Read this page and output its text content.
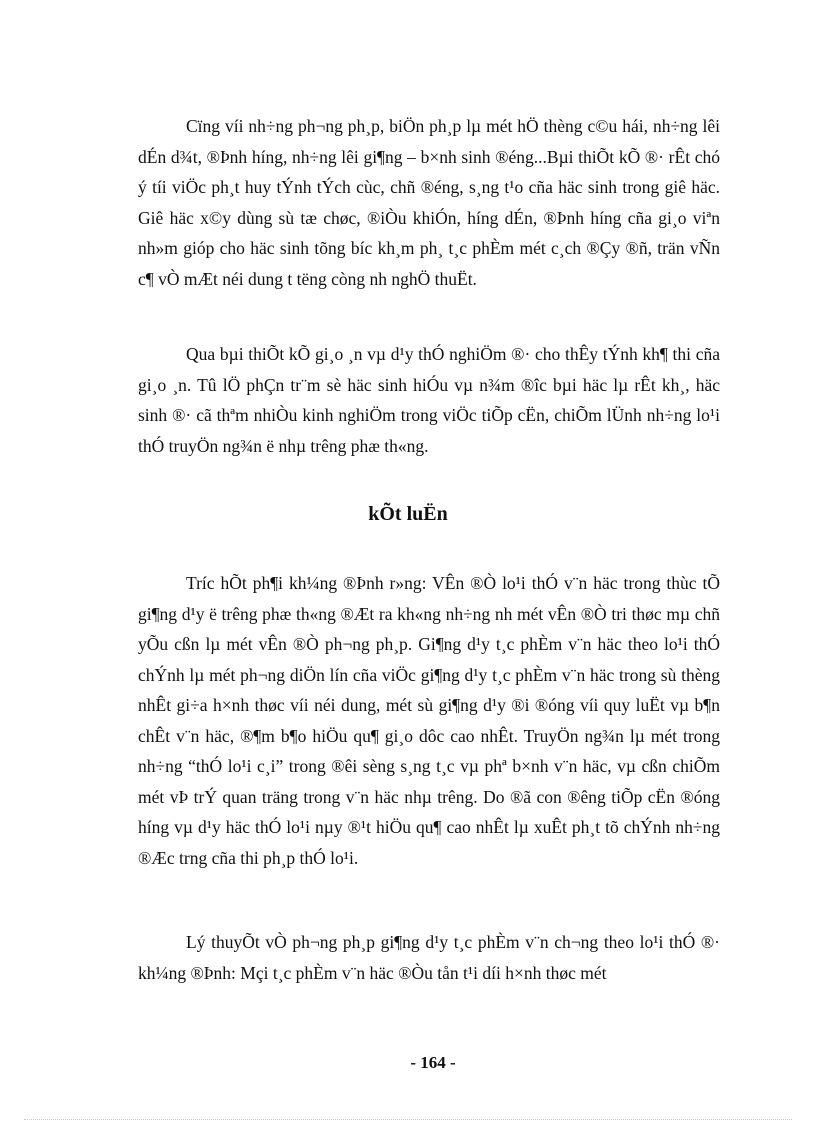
Cïng víi nh÷ng ph¬ng ph¸p, biÖn ph¸p lµ mét hÖ thèng c©u hái, nh÷ng lêi dÉn d¾t, ®Þnh híng, nh÷ng lêi gi¶ng – b×nh sinh ®éng...Bµi thiÕt kÕ ®· rÊt chó ý tíi viÖc ph¸t huy tÝnh tÝch cùc, chñ ®éng, s¸ng t¹o cña häc sinh trong giê häc. Giê häc x©y dùng sù tæ chøc, ®iÒu khiÓn, híng dÉn, ®Þnh híng cña gi¸o viªn nh»m gióp cho häc sinh tõng bíc kh¸m ph¸ t¸c phÈm mét c¸ch ®Çy ®ñ, trän vÑn c¶ vÒ mÆt néi dung t tëng còng nh nghÖ thuËt.

Qua bµi thiÕt kÕ gi¸o ¸n vµ d¹y thÓ nghiÖm ®· cho thÊy tÝnh kh¶ thi cña gi¸o ¸n. Tû lÖ phÇn tr¨m sè häc sinh hiÓu vµ n¾m ®îc bµi häc lµ rÊt kh¸, häc sinh ®· cã thªm nhiÒu kinh nghiÖm trong viÖc tiÕp cËn, chiÕm lÜnh nh÷ng lo¹i thÓ truyÖn ng¾n ë nhµ trêng phæ th«ng.

kÕt luËn

Tríc hÕt ph¶i kh¼ng ®Þnh r»ng: VÊn ®Ò lo¹i thÓ v¨n häc trong thùc tÕ gi¶ng d¹y ë trêng phæ th«ng ®Æt ra kh«ng nh÷ng nh mét vÊn ®Ò tri thøc mµ chñ yÕu cßn lµ mét vÊn ®Ò ph¬ng ph¸p. Gi¶ng d¹y t¸c phÈm v¨n häc theo lo¹i thÓ chÝnh lµ mét ph¬ng diÖn lín cña viÖc gi¶ng d¹y t¸c phÈm v¨n häc trong sù thèng nhÊt gi÷a h×nh thøc víi néi dung, mét sù gi¶ng d¹y ®i ®óng víi quy luËt vµ b¶n chÊt v¨n häc, ®¶m b¶o hiÖu qu¶ gi¸o dôc cao nhÊt. TruyÖn ng¾n lµ mét trong nh÷ng “thÓ lo¹i c¸i” trong ®êi sèng s¸ng t¸c vµ phª b×nh v¨n häc, vµ cßn chiÕm mét vÞ trÝ quan träng trong v¨n häc nhµ trêng. Do ®ã con ®êng tiÕp cËn ®óng híng vµ d¹y häc thÓ lo¹i nµy ®¹t hiÖu qu¶ cao nhÊt lµ xuÊt ph¸t tõ chÝnh nh÷ng ®Æc trng cña thi ph¸p thÓ lo¹i.

Lý thuyÕt vÒ ph¬ng ph¸p gi¶ng d¹y t¸c phÈm v¨n ch¬ng theo lo¹i thÓ ®· kh¼ng ®Þnh: Mçi t¸c phÈm v¨n häc ®Òu tån t¹i díi h×nh thøc mét

- 164 -
